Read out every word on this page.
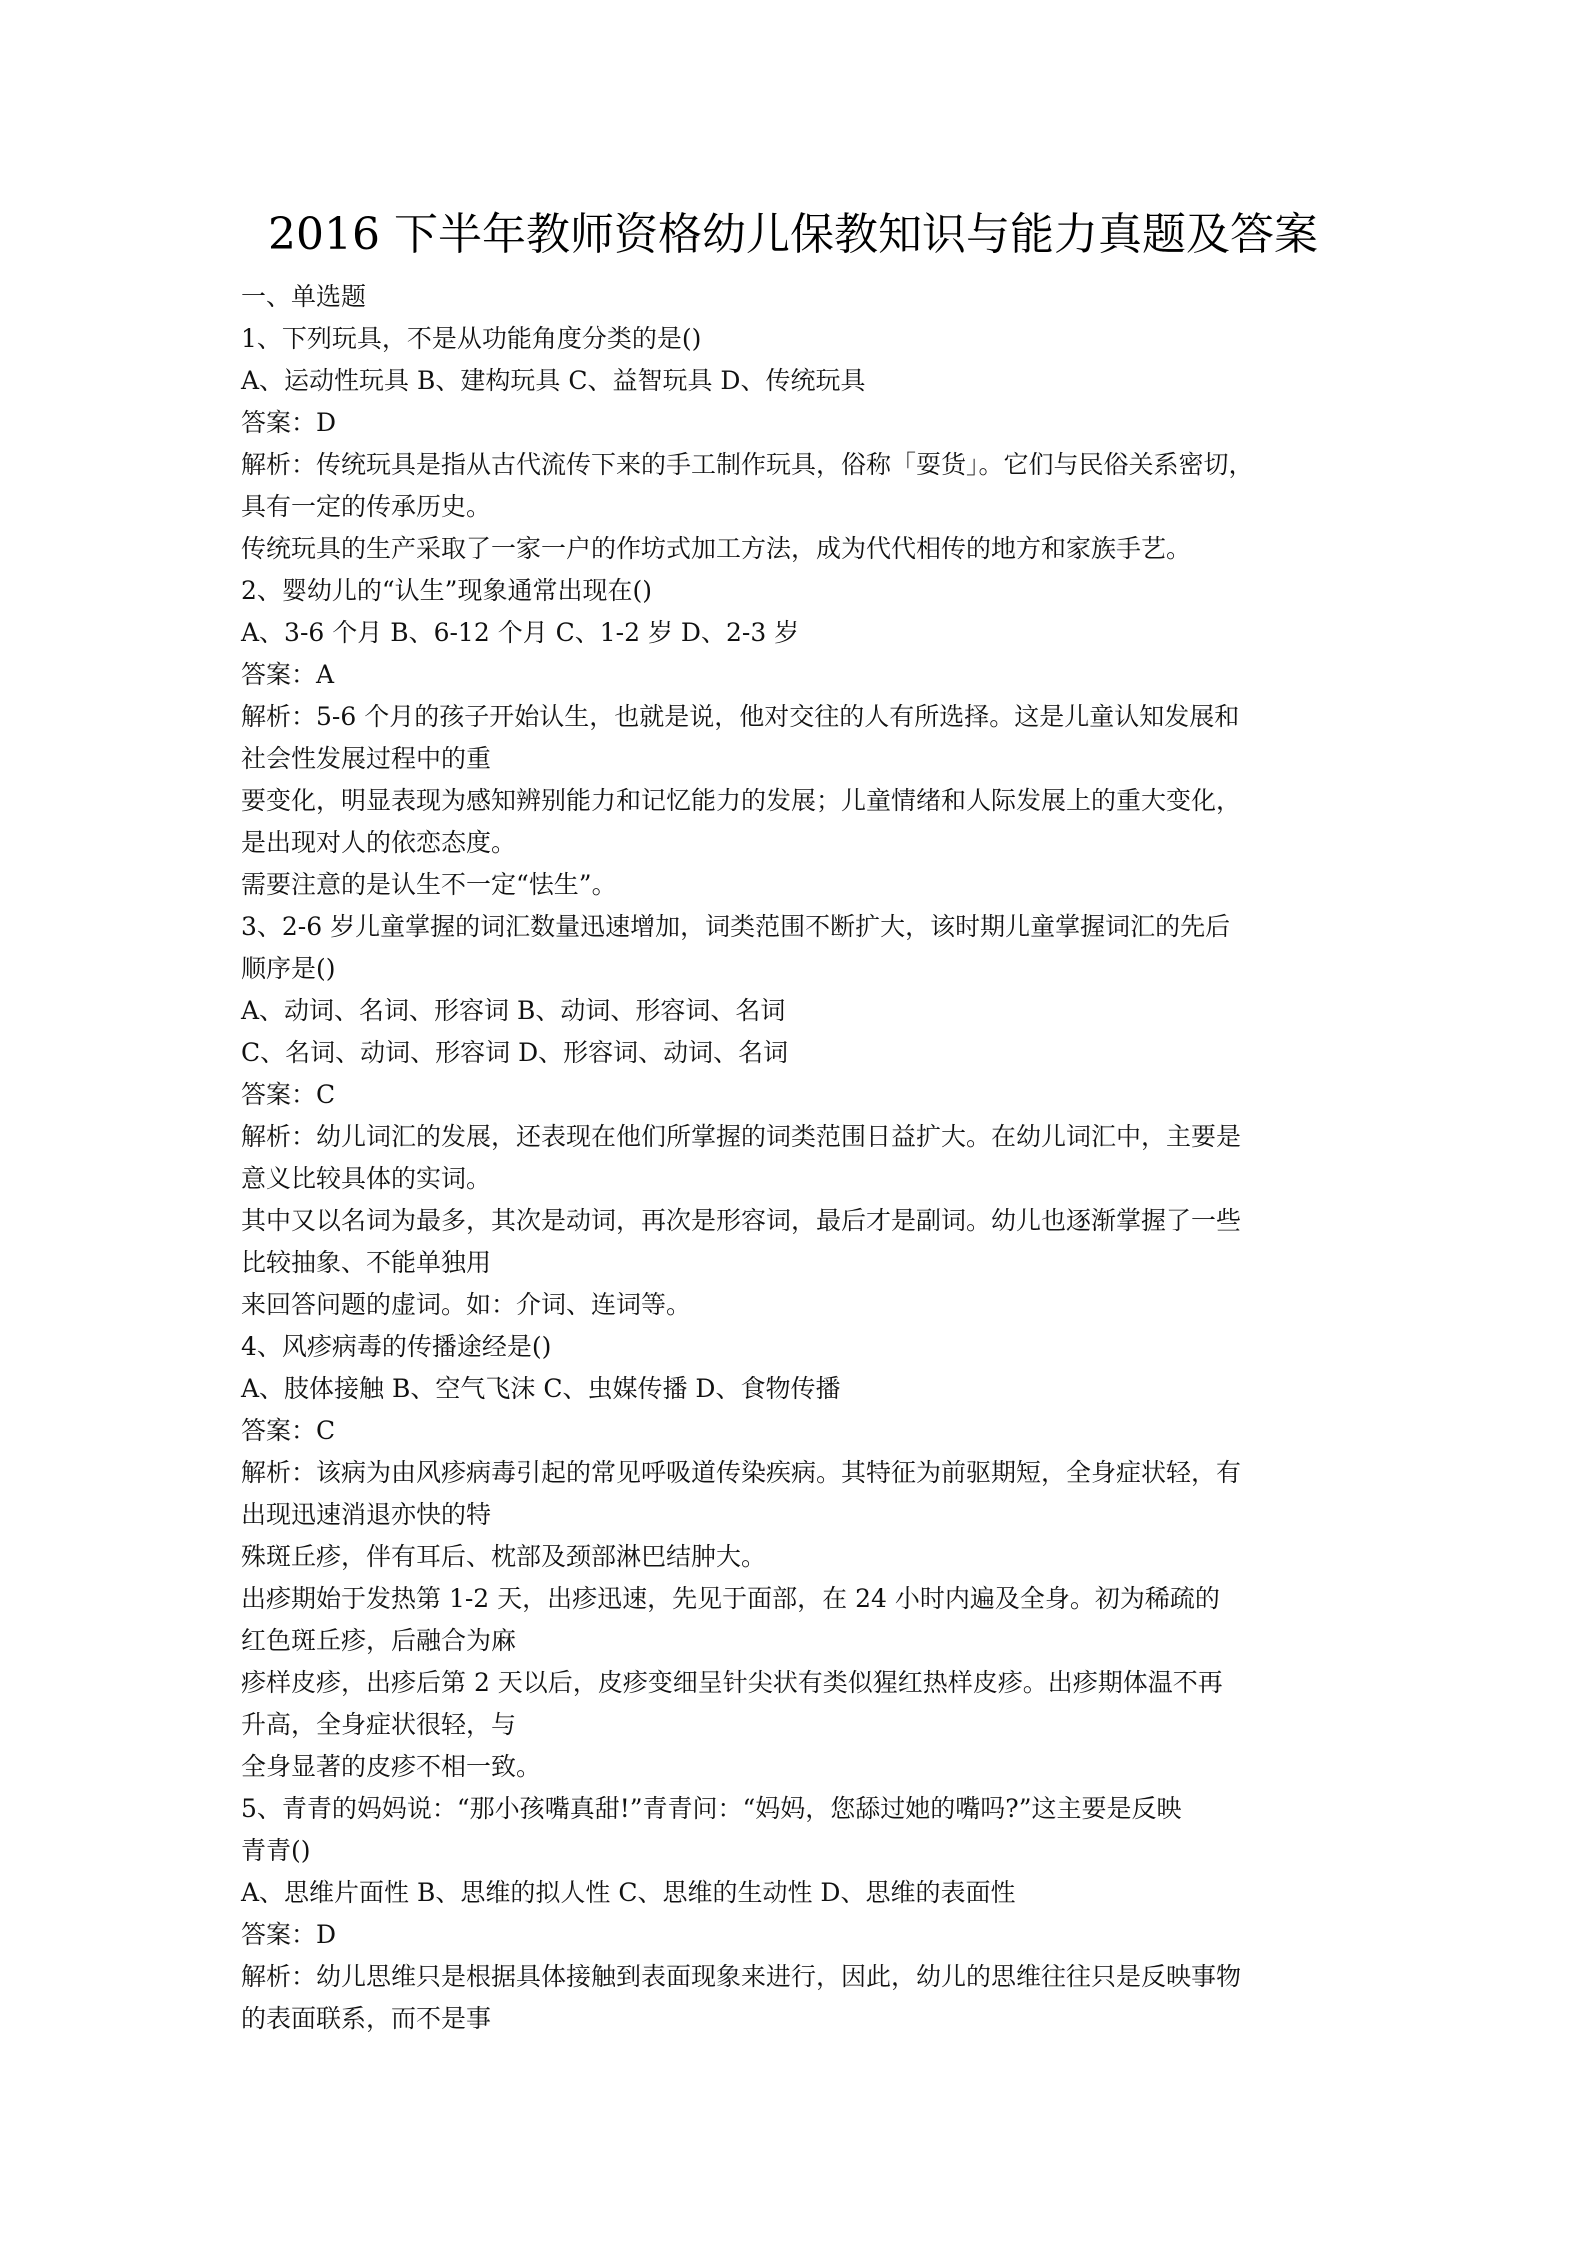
2016 下半年教师资格幼儿保教知识与能力真题及答案
一、单选题
1、下列玩具，不是从功能角度分类的是()
A、运动性玩具 B、建构玩具 C、益智玩具 D、传统玩具
答案：D
解析：传统玩具是指从古代流传下来的手工制作玩具，俗称「耍货」。它们与民俗关系密切，
具有一定的传承历史。
传统玩具的生产采取了一家一户的作坊式加工方法，成为代代相传的地方和家族手艺。
2、婴幼儿的“认生”现象通常出现在()
A、3-6 个月 B、6-12 个月 C、1-2 岁 D、2-3 岁
答案：A
解析：5-6 个月的孩子开始认生，也就是说，他对交往的人有所选择。这是儿童认知发展和
社会性发展过程中的重
要变化，明显表现为感知辨别能力和记忆能力的发展；儿童情绪和人际发展上的重大变化，
是出现对人的依恋态度。
需要注意的是认生不一定“怯生”。
3、2-6 岁儿童掌握的词汇数量迅速增加，词类范围不断扩大，该时期儿童掌握词汇的先后
顺序是()
A、动词、名词、形容词 B、动词、形容词、名词
C、名词、动词、形容词 D、形容词、动词、名词
答案：C
解析：幼儿词汇的发展，还表现在他们所掌握的词类范围日益扩大。在幼儿词汇中，主要是
意义比较具体的实词。
其中又以名词为最多，其次是动词，再次是形容词，最后才是副词。幼儿也逐渐掌握了一些
比较抽象、不能单独用
来回答问题的虚词。如：介词、连词等。
4、风疹病毒的传播途经是()
A、肢体接触 B、空气飞沫 C、虫媒传播 D、食物传播
答案：C
解析：该病为由风疹病毒引起的常见呼吸道传染疾病。其特征为前驱期短，全身症状轻，有
出现迅速消退亦快的特
殊斑丘疹，伴有耳后、枕部及颈部淋巴结肿大。
出疹期始于发热第 1-2 天，出疹迅速，先见于面部，在 24 小时内遍及全身。初为稀疏的
红色斑丘疹，后融合为麻
疹样皮疹，出疹后第 2 天以后，皮疹变细呈针尖状有类似猩红热样皮疹。出疹期体温不再
升高，全身症状很轻，与
全身显著的皮疹不相一致。
5、青青的妈妈说：“那小孩嘴真甜!”青青问：“妈妈，您舔过她的嘴吗?”这主要是反映
青青()
A、思维片面性 B、思维的拟人性 C、思维的生动性 D、思维的表面性
答案：D
解析：幼儿思维只是根据具体接触到表面现象来进行，因此，幼儿的思维往往只是反映事物
的表面联系，而不是事
